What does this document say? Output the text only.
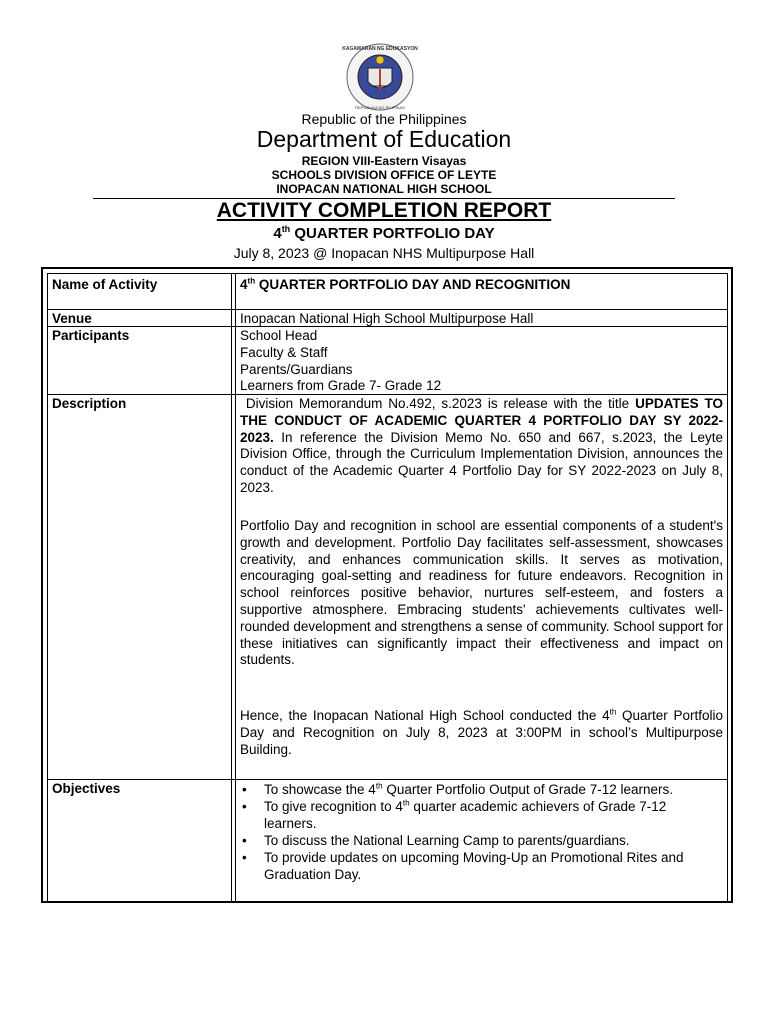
KAGAWARAN NG EDUKASYON
REPUBLIKA NG PILIPINAS
Republic of the Philippines
Department of Education
REGION VIII-Eastern Visayas
SCHOOLS DIVISION OFFICE OF LEYTE
INOPACAN NATIONAL HIGH SCHOOL
ACTIVITY COMPLETION REPORT
4th QUARTER PORTFOLIO DAY
July 8, 2023 @ Inopacan NHS Multipurpose Hall
Name of Activity	4th QUARTER PORTFOLIO DAY AND RECOGNITION
Venue	Inopacan National High School Multipurpose Hall
Participants	School Head
Faculty & Staff
Parents/Guardians
Learners from Grade 7- Grade 12
Description	Division Memorandum No.492, s.2023 is release with the title UPDATES TO THE CONDUCT OF ACADEMIC QUARTER 4 PORTFOLIO DAY SY 2022-2023. In reference the Division Memo No. 650 and 667, s.2023, the Leyte Division Office, through the Curriculum Implementation Division, announces the conduct of the Academic Quarter 4 Portfolio Day for SY 2022-2023 on July 8, 2023.
Portfolio Day and recognition in school are essential components of a student's growth and development. Portfolio Day facilitates self-assessment, showcases creativity, and enhances communication skills. It serves as motivation, encouraging goal-setting and readiness for future endeavors. Recognition in school reinforces positive behavior, nurtures self-esteem, and fosters a supportive atmosphere. Embracing students' achievements cultivates well-rounded development and strengthens a sense of community. School support for these initiatives can significantly impact their effectiveness and impact on students.
Hence, the Inopacan National High School conducted the 4th Quarter Portfolio Day and Recognition on July 8, 2023 at 3:00PM in school’s Multipurpose Building.
Objectives
•	To showcase the 4th Quarter Portfolio Output of Grade 7-12 learners.
• To give recognition to 4th quarter academic achievers of Grade 7-12 learners.
• To discuss the National Learning Camp to parents/guardians.
• To provide updates on upcoming Moving-Up an Promotional Rites and Graduation Day.
